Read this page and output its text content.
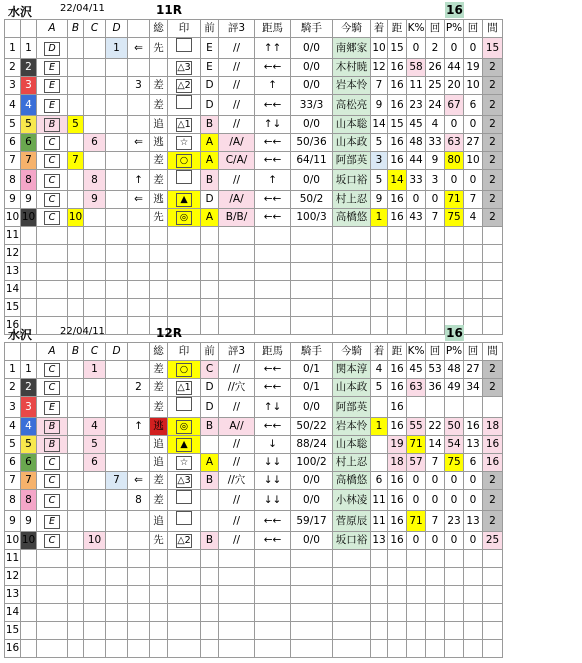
水沢	22/04/11	11R	16
		A	B	C	D		総	印	前	評3	距馬	騎手	今騎	着	距	K%	回	P%	回	間
1	1	D			1	⇐	先		E	//	↑↑	0/0	南郷家	10	15	0	2	0	0	15
2	2	E						△3	E	//	←←	0/0	木村暁	12	16	58	26	44	19	2
3	3	E				3	差	△2	D	//	↑	0/0	岩本怜	7	16	11	25	20	10	2
4	4	E					差		D	//	←←	33/3	高松亮	9	16	23	24	67	6	2
5	5	B	5				追	△1	B	//	↑↓	0/0	山本聡	14	15	45	4	0	0	2
6	6	C		6		⇐	逃	☆	A	/A/	←←	50/36	山本政	5	16	48	33	63	27	2
7	7	C	7				差	○	A	C/A/	←←	64/11	阿部英	3	16	44	9	80	10	2
8	8	C		8		↑	差		B	//	↑	0/0	坂口裕	5	14	33	3	0	0	2
9	9	C		9		⇐	逃	▲	D	/A/	←←	50/2	村上忍	9	16	0	0	71	7	2
10	10	C	10				先	◎	A	B/B/	←←	100/3	高橋悠	1	16	43	7	75	4	2
11																				
12																				
13																				
14																				
15																				
16																				
水沢	22/04/11	12R	16
		A	B	C	D		総	印	前	評3	距馬	騎手	今騎	着	距	K%	回	P%	回	間
1	1	C		1			差	○	C	//	←←	0/1	関本淳	4	16	45	53	48	27	2
2	2	C				2	差	△1	D	//穴	←←	0/1	山本政	5	16	63	36	49	34	2
3	3	E					差		D	//	↑↓	0/0	阿部英		16					
4	4	B		4		↑	逃	◎	B	A//	←←	50/22	岩本怜	1	16	55	22	50	16	18
5	5	B		5			追	▲		//	↓	88/24	山本聡		19	71	14	54	13	16
6	6	C		6			追	☆	A	//	↓↓	100/2	村上忍		18	57	7	75	6	16
7	7	C			7	⇐	差	△3	B	//穴	↓↓	0/0	高橋悠	6	16	0	0	0	0	2
8	8	C				8	差			//	↓↓	0/0	小林凌	11	16	0	0	0	0	2
9	9	E					追			//	←←	59/17	菅原辰	11	16	71	7	23	13	2
10	10	C		10			先	△2	B	//	←←	0/0	坂口裕	13	16	0	0	0	0	25
11																				
12																				
13																				
14																				
15																				
16																				
